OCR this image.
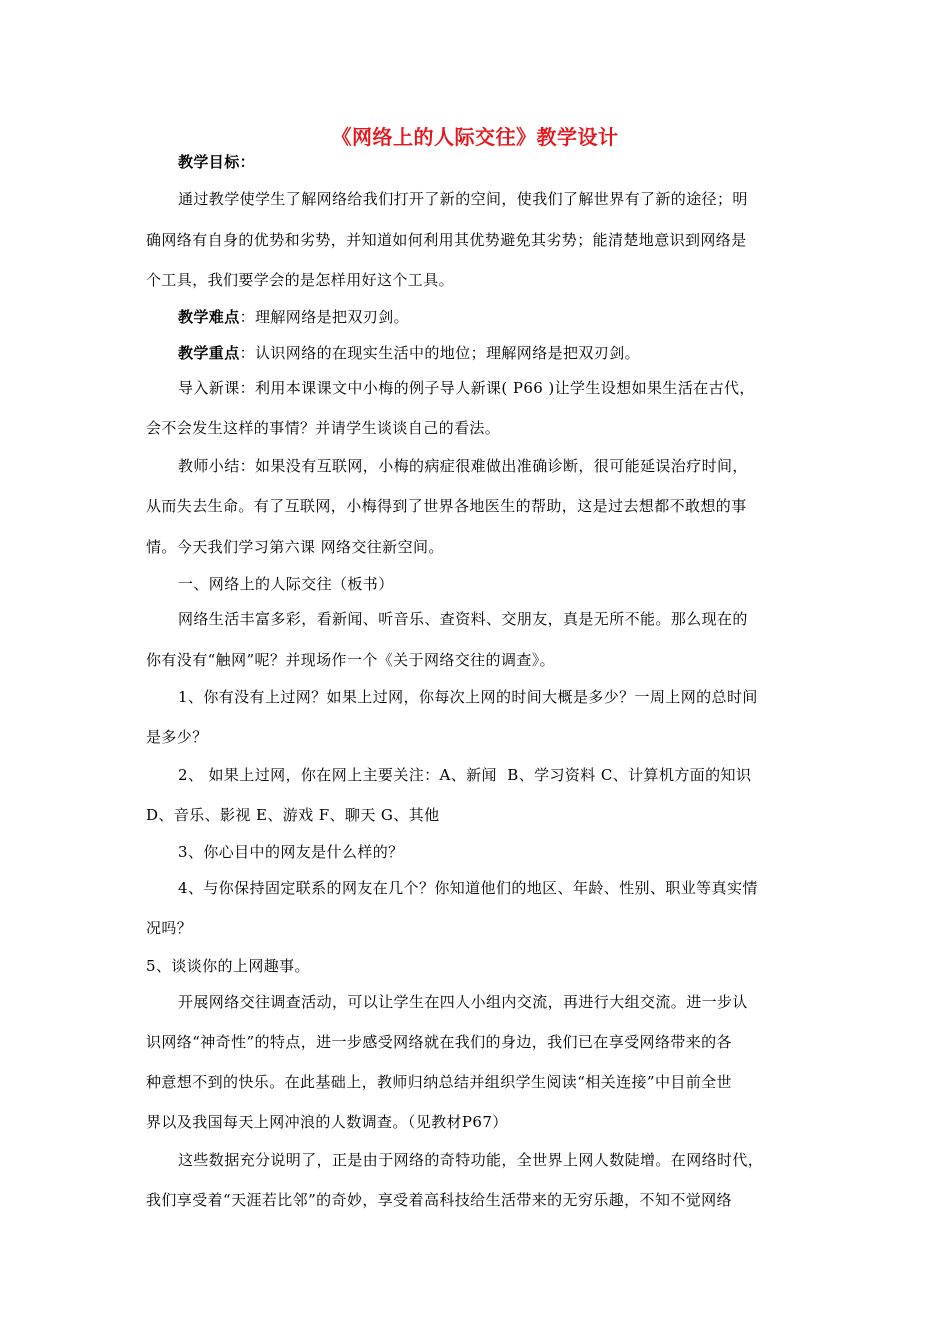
《网络上的人际交往》教学设计
教学目标：
通过教学使学生了解网络给我们打开了新的空间，使我们了解世界有了新的途径；明
确网络有自身的优势和劣势，并知道如何利用其优势避免其劣势；能清楚地意识到网络是
个工具，我们要学会的是怎样用好这个工具。
教学难点：理解网络是把双刃剑。
教学重点：认识网络的在现实生活中的地位；理解网络是把双刃剑。
导入新课：利用本课课文中小梅的例子导人新课( P66 )让学生设想如果生活在古代，
会不会发生这样的事情？并请学生谈谈自己的看法。
教师小结：如果没有互联网，小梅的病症很难做出准确诊断，很可能延误治疗时间，
从而失去生命。有了互联网，小梅得到了世界各地医生的帮助，这是过去想都不敢想的事
情。今天我们学习第六课 网络交往新空间。
一、网络上的人际交往（板书）
网络生活丰富多彩，看新闻、听音乐、查资料、交朋友，真是无所不能。那么现在的
你有没有“触网”呢？并现场作一个《关于网络交往的调查》。
1、你有没有上过网？如果上过网，你每次上网的时间大概是多少？一周上网的总时间
是多少？
2、 如果上过网，你在网上主要关注：A、新闻  B、学习资料 C、计算机方面的知识
D、音乐、影视 E、游戏 F、聊天 G、其他
3、你心目中的网友是什么样的？
4、与你保持固定联系的网友在几个？你知道他们的地区、年龄、性别、职业等真实情
况吗？
5、谈谈你的上网趣事。
开展网络交往调查活动，可以让学生在四人小组内交流，再进行大组交流。进一步认
识网络“神奇性”的特点，进一步感受网络就在我们的身边，我们已在享受网络带来的各
种意想不到的快乐。在此基础上，教师归纳总结并组织学生阅读“相关连接”中目前全世
界以及我国每天上网冲浪的人数调查。（见教材P67）
这些数据充分说明了，正是由于网络的奇特功能，全世界上网人数陡增。在网络时代，
我们享受着“天涯若比邻”的奇妙，享受着高科技给生活带来的无穷乐趣，不知不觉网络
